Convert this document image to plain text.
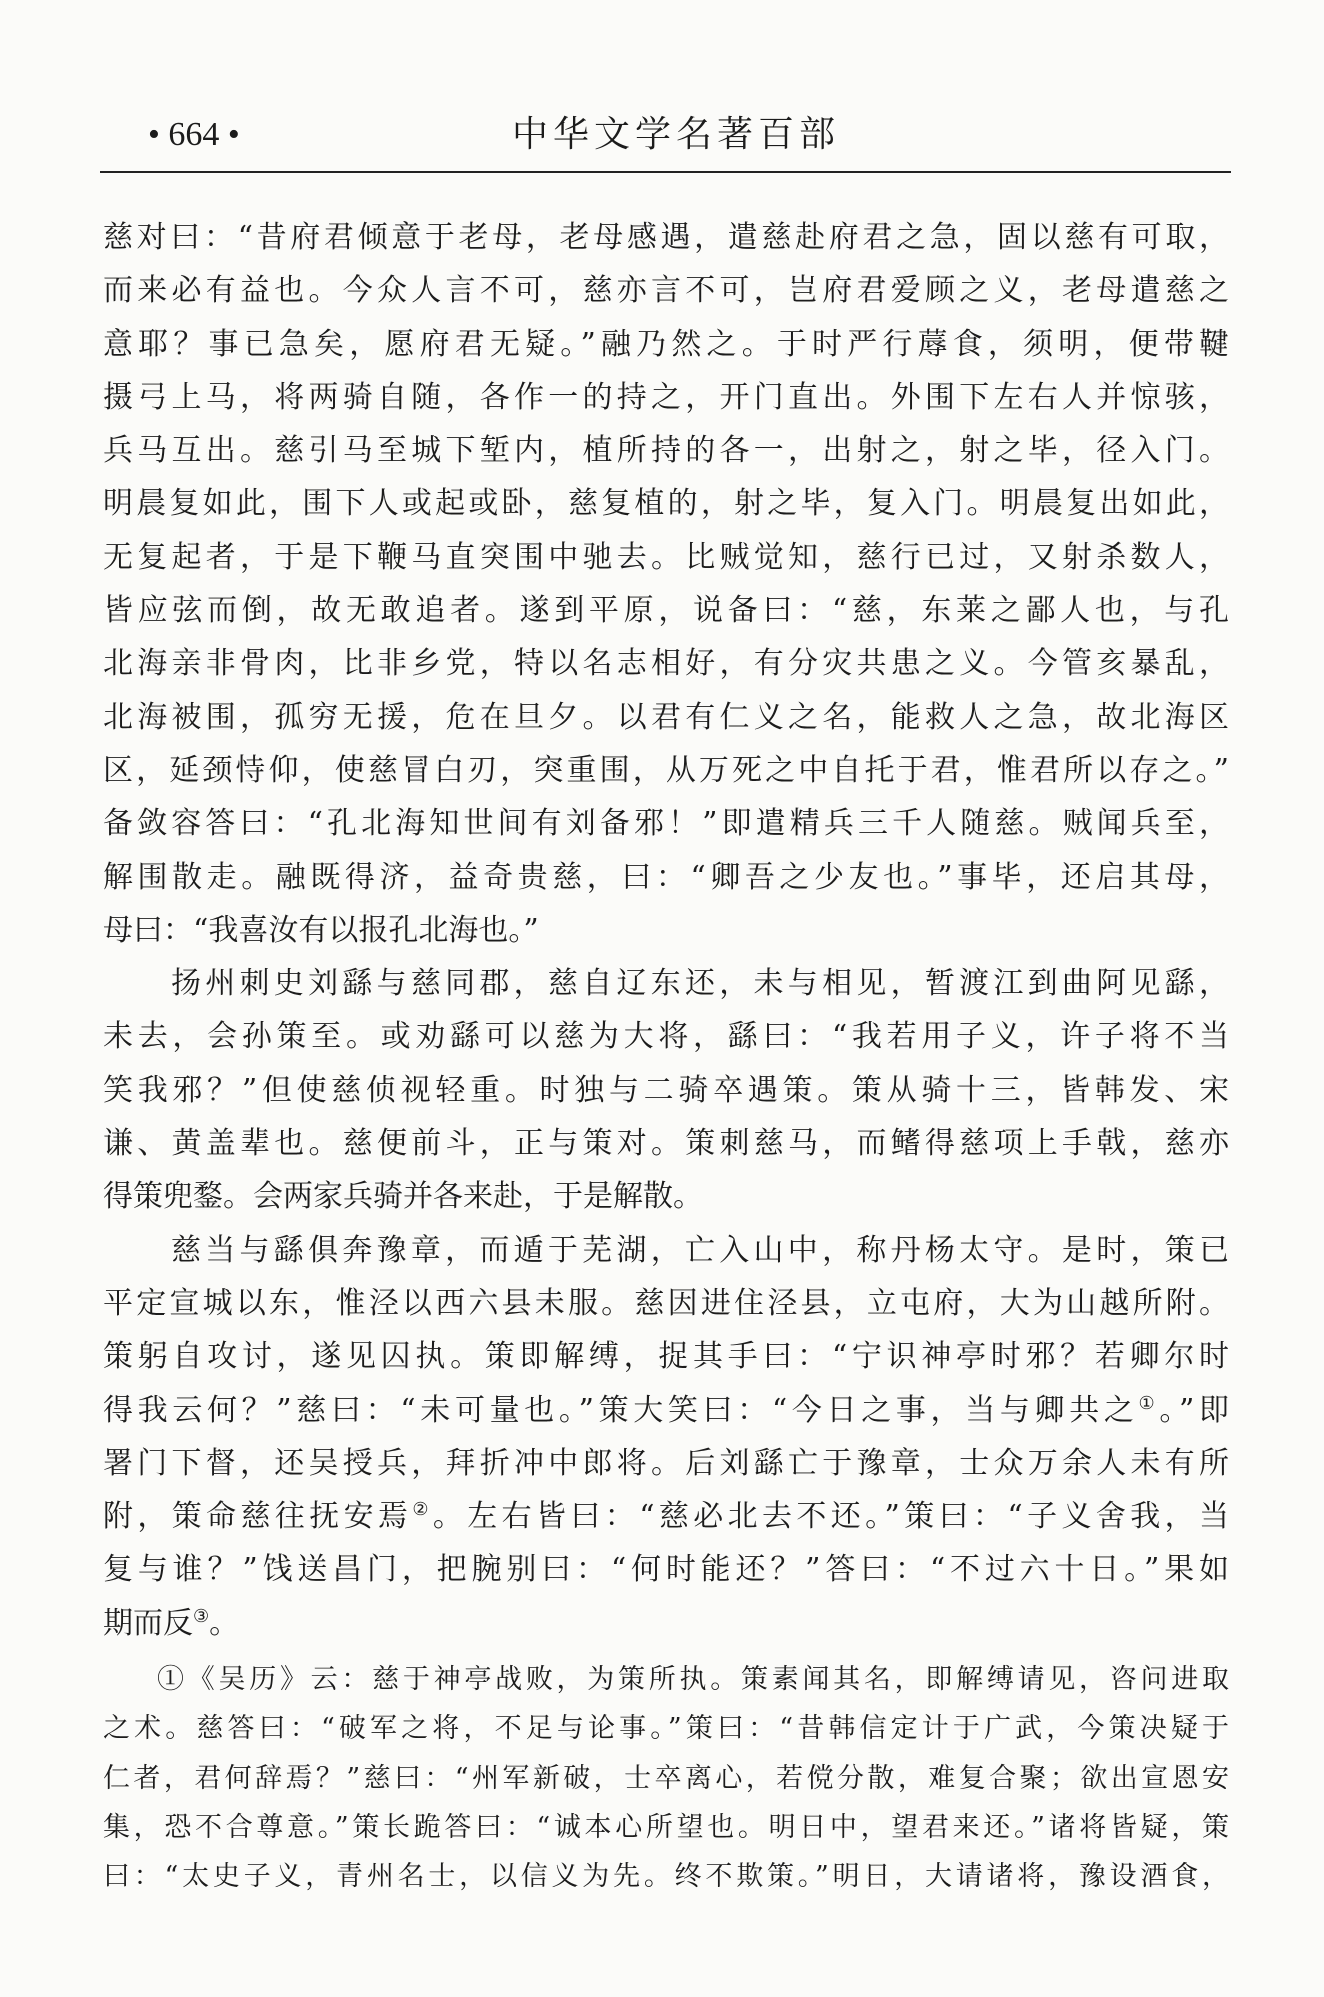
• 664 •	中华文学名著百部
慈对曰：“昔府君倾意于老母，老母感遇，遣慈赴府君之急，固以慈有可取，
而来必有益也。今众人言不可，慈亦言不可，岂府君爱顾之义，老母遣慈之
意耶？事已急矣，愿府君无疑。”融乃然之。于时严行蓐食，须明，便带鞬
摄弓上马，将两骑自随，各作一的持之，开门直出。外围下左右人并惊骇，
兵马互出。慈引马至城下堑内，植所持的各一，出射之，射之毕，径入门。
明晨复如此，围下人或起或卧，慈复植的，射之毕，复入门。明晨复出如此，
无复起者，于是下鞭马直突围中驰去。比贼觉知，慈行已过，又射杀数人，
皆应弦而倒，故无敢追者。遂到平原，说备曰：“慈，东莱之鄙人也，与孔
北海亲非骨肉，比非乡党，特以名志相好，有分灾共患之义。今管亥暴乱，
北海被围，孤穷无援，危在旦夕。以君有仁义之名，能救人之急，故北海区
区，延颈恃仰，使慈冒白刃，突重围，从万死之中自托于君，惟君所以存之。”
备敛容答曰：“孔北海知世间有刘备邪！”即遣精兵三千人随慈。贼闻兵至，
解围散走。融既得济，益奇贵慈，曰：“卿吾之少友也。”事毕，还启其母，
母曰：“我喜汝有以报孔北海也。”
扬州刺史刘繇与慈同郡，慈自辽东还，未与相见，暂渡江到曲阿见繇，
未去，会孙策至。或劝繇可以慈为大将，繇曰：“我若用子义，许子将不当
笑我邪？”但使慈侦视轻重。时独与二骑卒遇策。策从骑十三，皆韩发、宋
谦、黄盖辈也。慈便前斗，正与策对。策刺慈马，而鳍得慈项上手戟，慈亦
得策兜鍪。会两家兵骑并各来赴，于是解散。
慈当与繇俱奔豫章，而遁于芜湖，亡入山中，称丹杨太守。是时，策已
平定宣城以东，惟泾以西六县未服。慈因进住泾县，立屯府，大为山越所附。
策躬自攻讨，遂见囚执。策即解缚，捉其手曰：“宁识神亭时邪？若卿尔时
得我云何？”慈曰：“未可量也。”策大笑曰：“今日之事，当与卿共之①。”即
署门下督，还吴授兵，拜折冲中郎将。后刘繇亡于豫章，士众万余人未有所
附，策命慈往抚安焉②。左右皆曰：“慈必北去不还。”策曰：“子义舍我，当
复与谁？”饯送昌门，把腕别曰：“何时能还？”答曰：“不过六十日。”果如
期而反③。
①《吴历》云：慈于神亭战败，为策所执。策素闻其名，即解缚请见，咨问进取
之术。慈答曰：“破军之将，不足与论事。”策曰：“昔韩信定计于广武，今策决疑于
仁者，君何辞焉？”慈曰：“州军新破，士卒离心，若傥分散，难复合聚；欲出宣恩安
集，恐不合尊意。”策长跪答曰：“诚本心所望也。明日中，望君来还。”诸将皆疑，策
曰：“太史子义，青州名士，以信义为先。终不欺策。”明日，大请诸将，豫设酒食，
